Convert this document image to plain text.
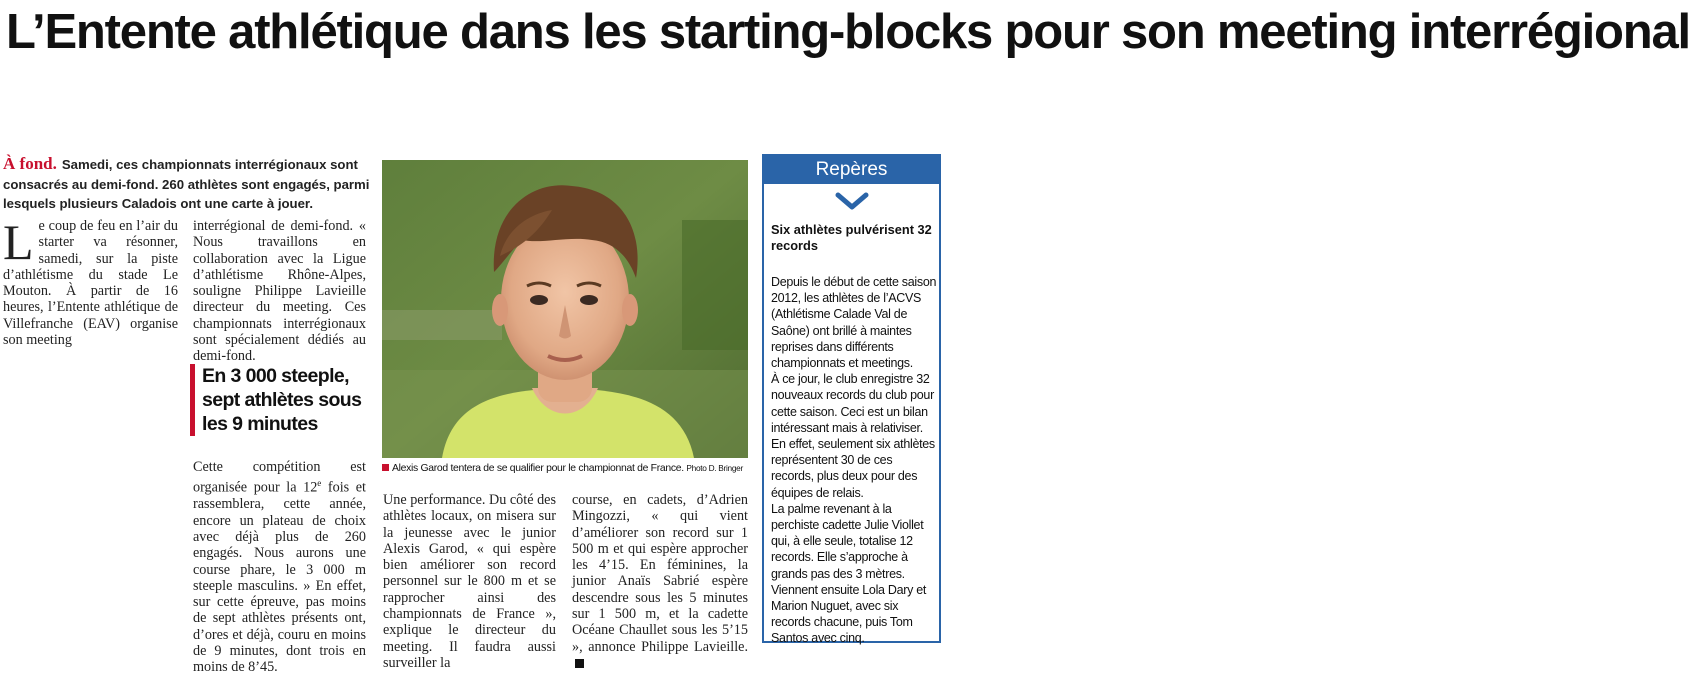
L’Entente athlétique dans les starting-blocks pour son meeting interrégional

À fond. Samedi, ces championnats interrégionaux sont consacrés au demi-fond. 260 athlètes sont engagés, parmi lesquels plusieurs Caladois ont une carte à jouer.

Le coup de feu en l’air du starter va résonner, samedi, sur la piste d’athlétisme du stade Le Mouton. À partir de 16 heures, l’Entente athlétique de Villefranche (EAV) organise son meeting

interrégional de demi-fond. « Nous travaillons en collaboration avec la Ligue d’athlétisme Rhône-Alpes, souligne Philippe Lavieille directeur du meeting. Ces championnats interrégionaux sont spécialement dédiés au demi-fond.

En 3 000 steeple, sept athlètes sous les 9 minutes

Cette compétition est organisée pour la 12e fois et rassemblera, cette année, encore un plateau de choix avec déjà plus de 260 engagés. Nous aurons une course phare, le 3 000 m steeple masculins. » En effet, sur cette épreuve, pas moins de sept athlètes présents ont, d’ores et déjà, couru en moins de 9 minutes, dont trois en moins de 8’45.

Alexis Garod tentera de se qualifier pour le championnat de France. Photo D. Bringer

Une performance. Du côté des athlètes locaux, on misera sur la jeunesse avec le junior Alexis Garod, « qui espère bien améliorer son record personnel sur le 800 m et se rapprocher ainsi des championnats de France », explique le directeur du meeting. Il faudra aussi surveiller la

course, en cadets, d’Adrien Mingozzi, « qui vient d’améliorer son record sur 1 500 m et qui espère approcher les 4’15. En féminines, la junior Anaïs Sabrié espère descendre sous les 5 minutes sur 1 500 m, et la cadette Océane Chaullet sous les 5’15 », annonce Philippe Lavieille.

Repères

Six athlètes pulvérisent 32 records

Depuis le début de cette saison 2012, les athlètes de l’ACVS (Athlétisme Calade Val de Saône) ont brillé à maintes reprises dans différents championnats et meetings.

À ce jour, le club enregistre 32 nouveaux records du club pour cette saison. Ceci est un bilan intéressant mais à relativiser. En effet, seulement six athlètes représentent 30 de ces records, plus deux pour des équipes de relais.

La palme revenant à la perchiste cadette Julie Viollet qui, à elle seule, totalise 12 records. Elle s’approche à grands pas des 3 mètres.

Viennent ensuite Lola Dary et Marion Nuguet, avec six records chacune, puis Tom Santos avec cinq.
